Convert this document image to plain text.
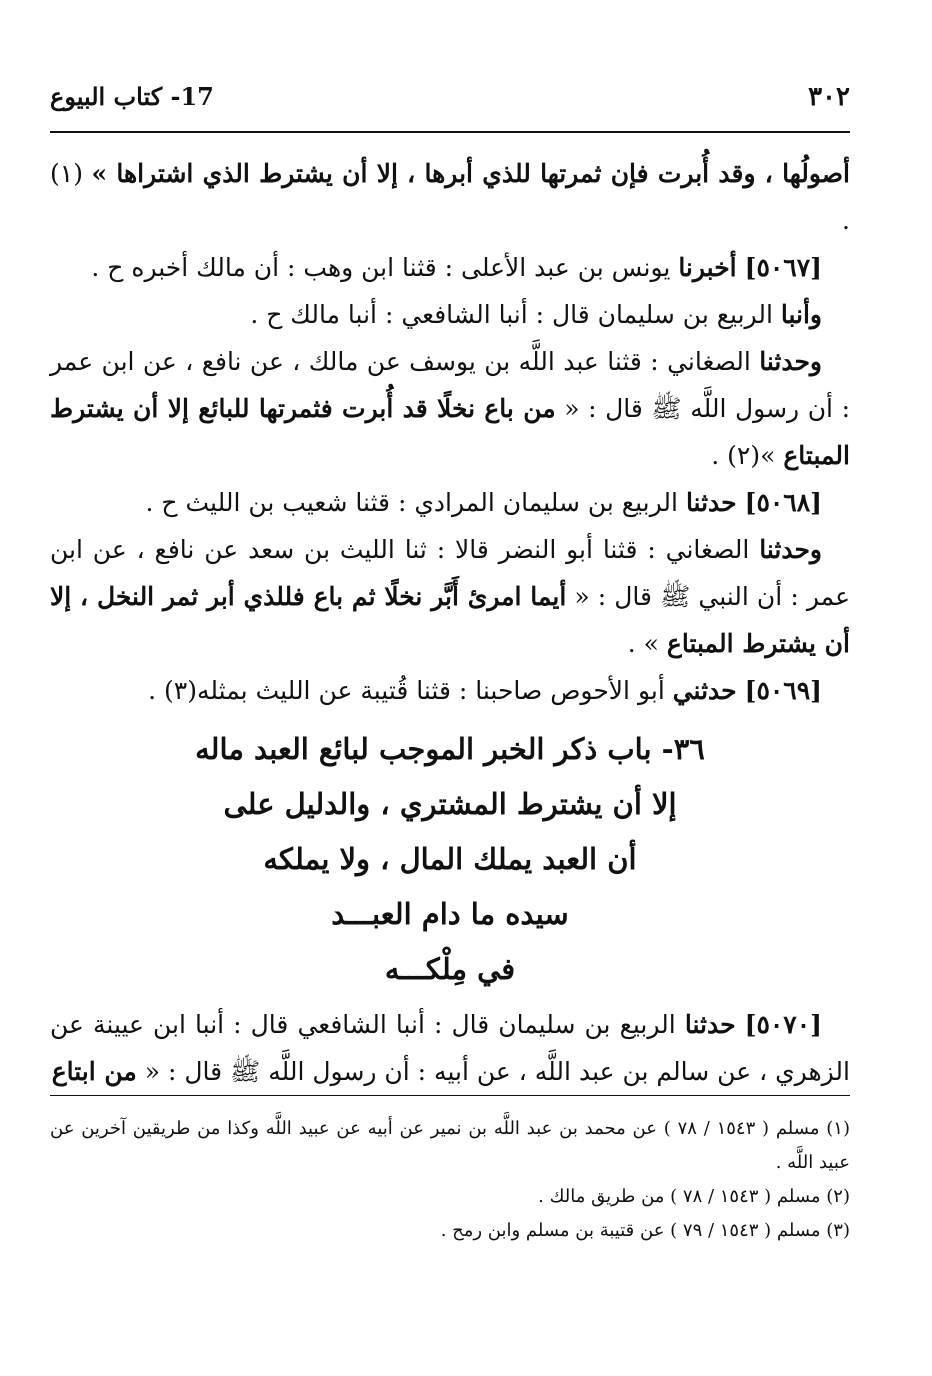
٣٠٢
17- كتاب البيوع

أصولُها ، وقد أُبرت فإن ثمرتها للذي أبرها ، إلا أن يشترط الذي اشتراها » (١) .

[٥٠٦٧] أخبرنا يونس بن عبد الأعلى : قثنا ابن وهب : أن مالك أخبره ح .

وأنبا الربيع بن سليمان قال : أنبا الشافعي : أنبا مالك ح .

وحدثنا الصغاني : قثنا عبد اللَّه بن يوسف عن مالك ، عن نافع ، عن ابن عمر : أن رسول اللَّه ﷺ قال : « من باع نخلًا قد أُبرت فثمرتها للبائع إلا أن يشترط المبتاع »(٢) .

[٥٠٦٨] حدثنا الربيع بن سليمان المرادي : قثنا شعيب بن الليث ح .

وحدثنا الصغاني : قثنا أبو النضر قالا : ثنا الليث بن سعد عن نافع ، عن ابن عمر : أن النبي ﷺ قال : « أيما امرئ أَبَّر نخلًا ثم باع فللذي أبر ثمر النخل ، إلا أن يشترط المبتاع » .

[٥٠٦٩] حدثني أبو الأحوص صاحبنا : قثنا قُتيبة عن الليث بمثله(٣) .

٣٦- باب ذكر الخبر الموجب لبائع العبد ماله
إلا أن يشترط المشتري ، والدليل على
أن العبد يملك المال ، ولا يملكه
سيده ما دام العبـــد
في مِلْكـــه

[٥٠٧٠] حدثنا الربيع بن سليمان قال : أنبا الشافعي قال : أنبا ابن عيينة عن الزهري ، عن سالم بن عبد اللَّه ، عن أبيه : أن رسول اللَّه ﷺ قال : « من ابتاع

(١) مسلم ( ١٥٤٣ / ٧٨ ) عن محمد بن عبد اللَّه بن نمير عن أبيه عن عبيد اللَّه وكذا من طريقين آخرين عن عبيد اللَّه .

(٢) مسلم ( ١٥٤٣ / ٧٨ ) من طريق مالك .

(٣) مسلم ( ١٥٤٣ / ٧٩ ) عن قتيبة بن مسلم وابن رمح .
